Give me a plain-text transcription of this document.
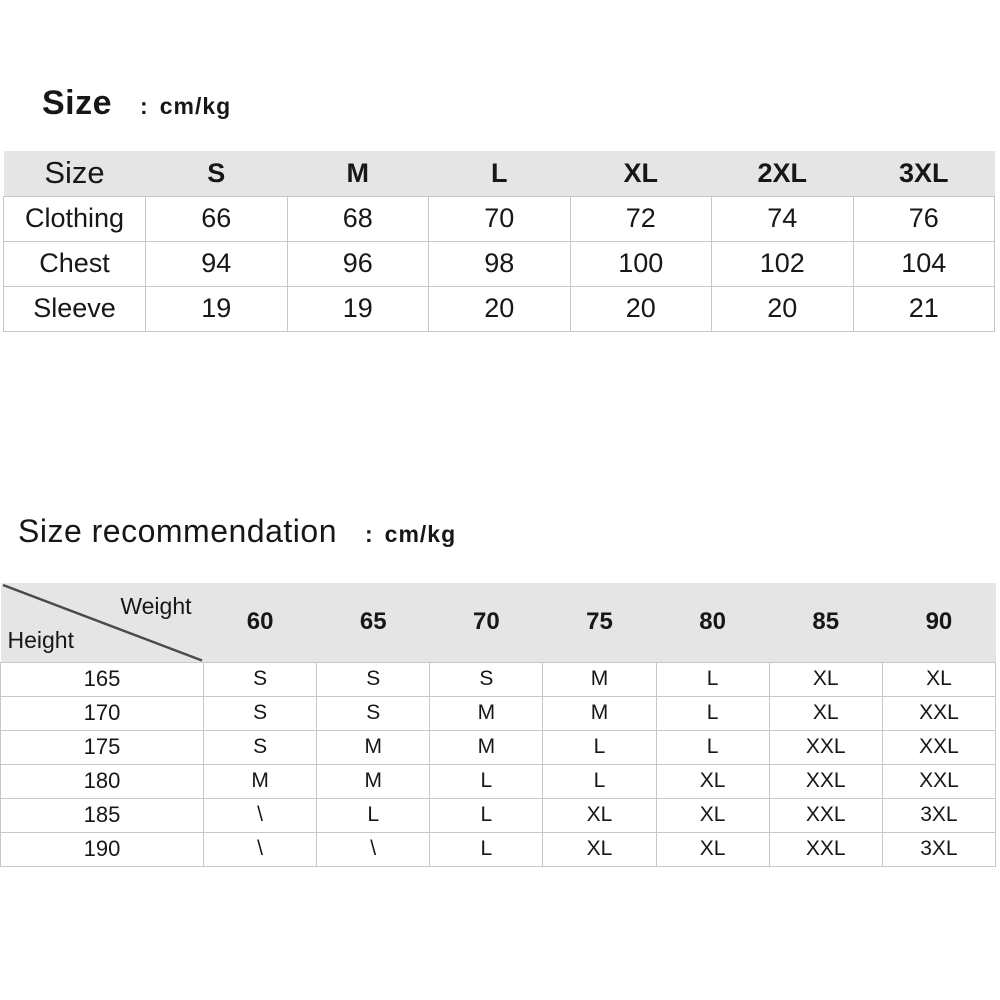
Size : cm/kg
Size	S	M	L	XL	2XL	3XL
Clothing	66	68	70	72	74	76
Chest	94	96	98	100	102	104
Sleeve	19	19	20	20	20	21
Size recommendation : cm/kg
Weight
Height	60	65	70	75	80	85	90
165	S	S	S	M	L	XL	XL
170	S	S	M	M	L	XL	XXL
175	S	M	M	L	L	XXL	XXL
180	M	M	L	L	XL	XXL	XXL
185	\	L	L	XL	XL	XXL	3XL
190	\	\	L	XL	XL	XXL	3XL
